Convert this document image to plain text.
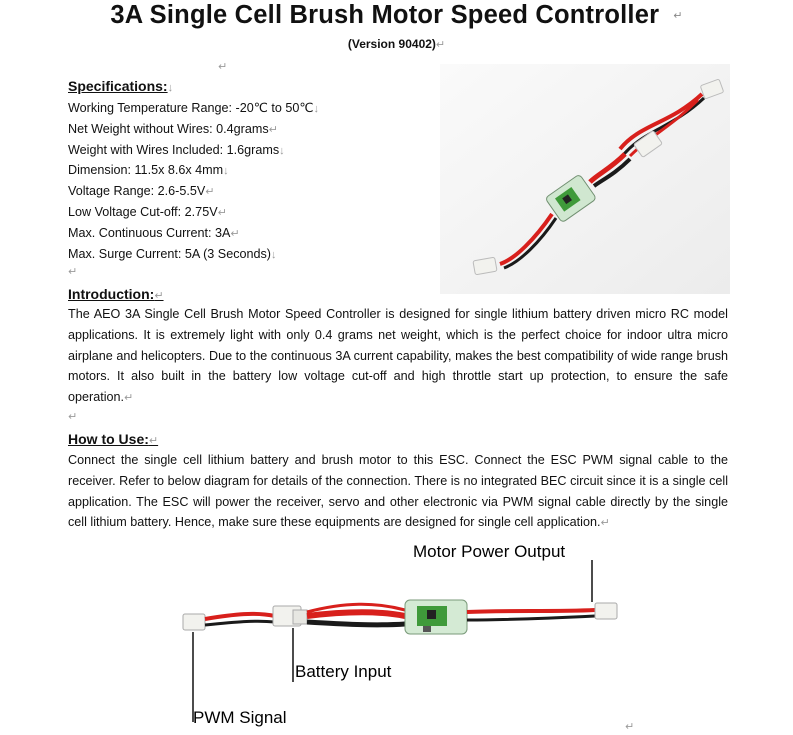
3A Single Cell Brush Motor Speed Controller ↵
(Version 90402)↵
↵
Specifications:↓
Working Temperature Range: -20℃ to 50℃↓
Net Weight without Wires: 0.4grams↵
Weight with Wires Included: 1.6grams↓
Dimension: 11.5x 8.6x 4mm↓
Voltage Range: 2.6-5.5V↵
Low Voltage Cut-off: 2.75V↵
Max. Continuous Current: 3A↵
Max. Surge Current: 5A (3 Seconds)↓
↵
Introduction:↵

The AEO 3A Single Cell Brush Motor Speed Controller is designed for single lithium battery driven micro RC model applications. It is extremely light with only 0.4 grams net weight, which is the perfect choice for indoor ultra micro airplane and helicopters. Due to the continuous 3A current capability, makes the best compatibility of wide range brush motors. It also built in the battery low voltage cut-off and high throttle start up protection, to ensure the safe operation.↵

↵
How to Use:↵

Connect the single cell lithium battery and brush motor to this ESC. Connect the ESC PWM signal cable to the receiver. Refer to below diagram for details of the connection. There is no integrated BEC circuit since it is a single cell application. The ESC will power the receiver, servo and other electronic via PWM signal cable directly by the single cell lithium battery. Hence, make sure these equipments are designed for single cell application.↵

Motor Power Output
Battery Input
PWM Signal	↵
